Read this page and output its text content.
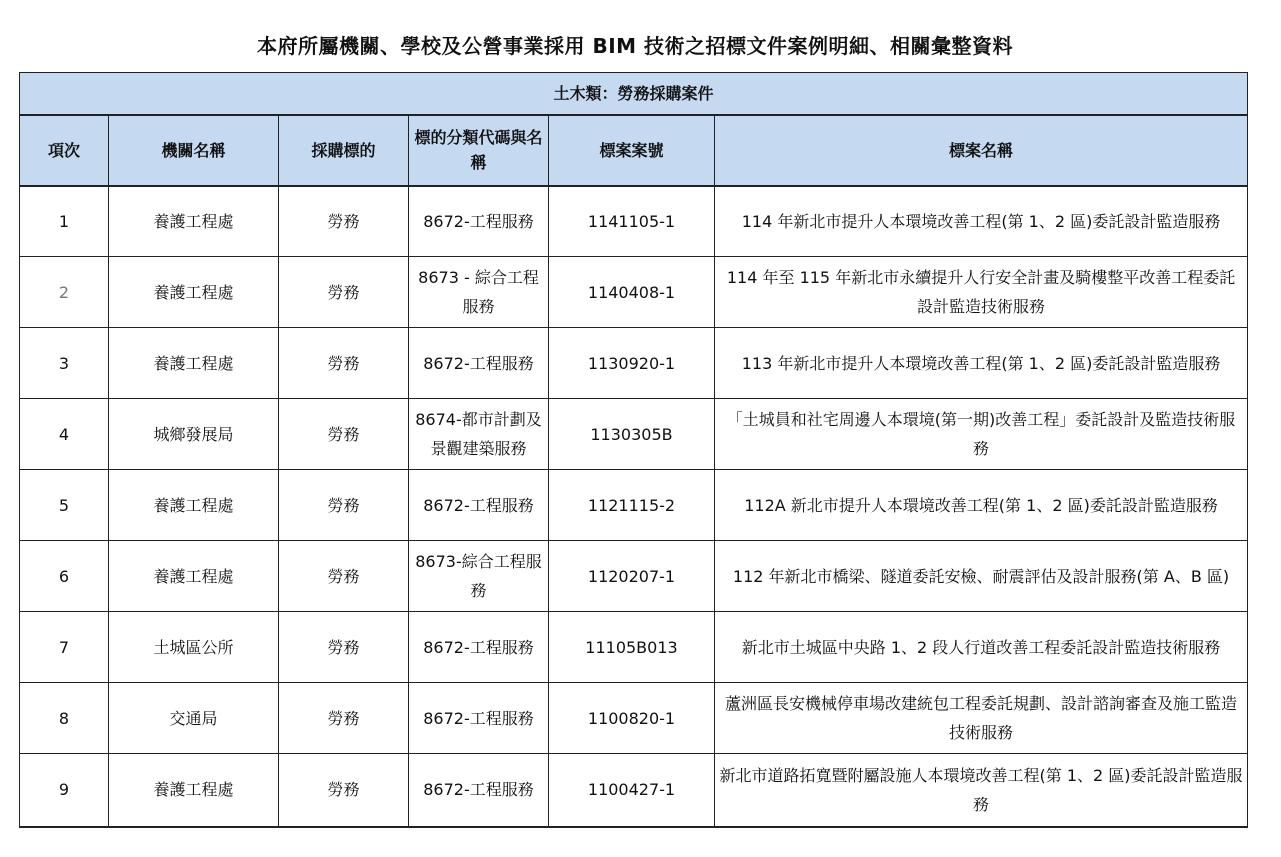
本府所屬機關、學校及公營事業採用 BIM 技術之招標文件案例明細、相關彙整資料
土木類：勞務採購案件					
項次	機關名稱	採購標的	標的分類代碼與名稱	標案案號	標案名稱
1	養護工程處	勞務	8672-工程服務	1141105-1	114 年新北市提升人本環境改善工程(第 1、2 區)委託設計監造服務
2	養護工程處	勞務	8673 - 綜合工程服務	1140408-1	114 年至 115 年新北市永續提升人行安全計畫及騎樓整平改善工程委託設計監造技術服務
3	養護工程處	勞務	8672-工程服務	1130920-1	113 年新北市提升人本環境改善工程(第 1、2 區)委託設計監造服務
4	城鄉發展局	勞務	8674-都市計劃及景觀建築服務	1130305B	「土城員和社宅周邊人本環境(第一期)改善工程」委託設計及監造技術服務
5	養護工程處	勞務	8672-工程服務	1121115-2	112A 新北市提升人本環境改善工程(第 1、2 區)委託設計監造服務
6	養護工程處	勞務	8673-綜合工程服務	1120207-1	112 年新北市橋梁、隧道委託安檢、耐震評估及設計服務(第 A、B 區)
7	土城區公所	勞務	8672-工程服務	11105B013	新北市土城區中央路 1、2 段人行道改善工程委託設計監造技術服務
8	交通局	勞務	8672-工程服務	1100820-1	蘆洲區長安機械停車場改建統包工程委託規劃、設計諮詢審查及施工監造技術服務
9	養護工程處	勞務	8672-工程服務	1100427-1	新北市道路拓寬暨附屬設施人本環境改善工程(第 1、2 區)委託設計監造服務
